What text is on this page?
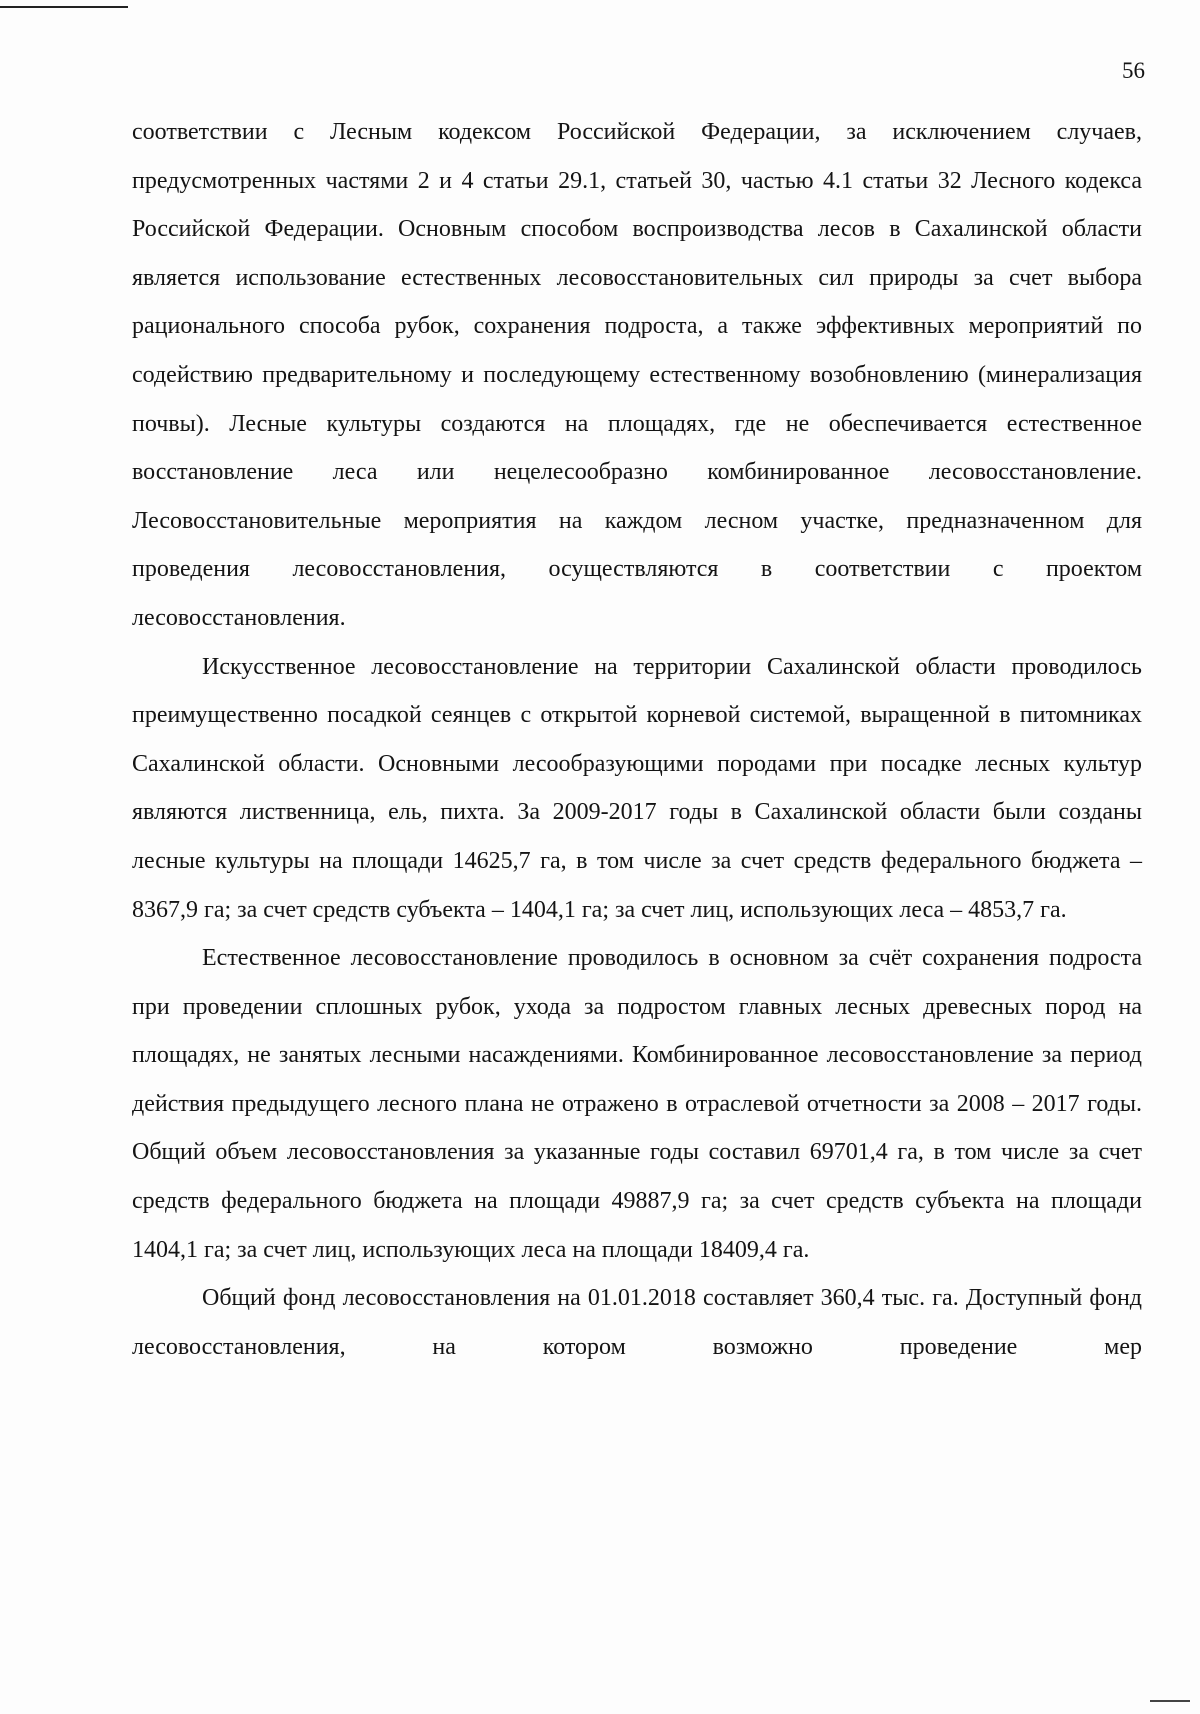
56

соответствии с Лесным кодексом Российской Федерации, за исключением случаев, предусмотренных частями 2 и 4 статьи 29.1, статьей 30, частью 4.1 статьи 32 Лесного кодекса Российской Федерации. Основным способом воспроизводства лесов в Сахалинской области является использование естественных лесовосстановительных сил природы за счет выбора рационального способа рубок, сохранения подроста, а также эффективных мероприятий по содействию предварительному и последующему естественному возобновлению (минерализация почвы). Лесные культуры создаются на площадях, где не обеспечивается естественное восстановление леса или нецелесообразно комбинированное лесовосстановление. Лесовосстановительные мероприятия на каждом лесном участке, предназначенном для проведения лесовосстановления, осуществляются в соответствии с проектом лесовосстановления.

Искусственное лесовосстановление на территории Сахалинской области проводилось преимущественно посадкой сеянцев с открытой корневой системой, выращенной в питомниках Сахалинской области. Основными лесообразующими породами при посадке лесных культур являются лиственница, ель, пихта. За 2009-2017 годы в Сахалинской области были созданы лесные культуры на площади 14625,7 га, в том числе за счет средств федерального бюджета – 8367,9 га; за счет средств субъекта – 1404,1 га; за счет лиц, использующих леса – 4853,7 га.

Естественное лесовосстановление проводилось в основном за счёт сохранения подроста при проведении сплошных рубок, ухода за подростом главных лесных древесных пород на площадях, не занятых лесными насаждениями. Комбинированное лесовосстановление за период действия предыдущего лесного плана не отражено в отраслевой отчетности за 2008 – 2017 годы. Общий объем лесовосстановления за указанные годы составил 69701,4 га, в том числе за счет средств федерального бюджета на площади 49887,9 га; за счет средств субъекта на площади 1404,1 га; за счет лиц, использующих леса на площади 18409,4 га.

Общий фонд лесовосстановления на 01.01.2018 составляет 360,4 тыс. га. Доступный фонд лесовосстановления, на котором возможно проведение мер
